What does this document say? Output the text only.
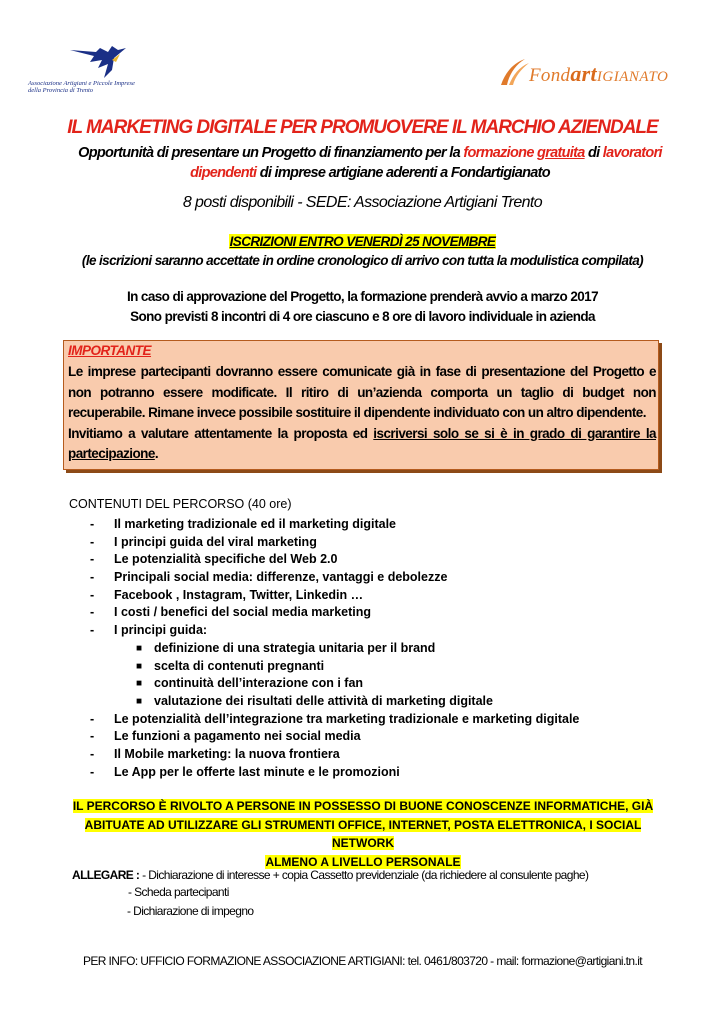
Associazione Artigiani e Piccole Imprese
della Provincia di Trento
FondartIGIANATO
IL MARKETING DIGITALE PER PROMUOVERE IL MARCHIO AZIENDALE
Opportunità di presentare un Progetto di finanziamento per la formazione gratuita di lavoratori dipendenti di imprese artigiane aderenti a Fondartigianato
8 posti disponibili - SEDE: Associazione Artigiani Trento
ISCRIZIONI ENTRO VENERDÌ 25 NOVEMBRE
(le iscrizioni saranno accettate in ordine cronologico di arrivo con tutta la modulistica compilata)
In caso di approvazione del Progetto, la formazione prenderà avvio a marzo 2017
Sono previsti 8 incontri di 4 ore ciascuno e 8 ore di lavoro individuale in azienda
IMPORTANTE
Le imprese partecipanti dovranno essere comunicate già in fase di presentazione del Progetto e non potranno essere modificate. Il ritiro di un’azienda comporta un taglio di budget non recuperabile. Rimane invece possibile sostituire il dipendente individuato con un altro dipendente.
Invitiamo a valutare attentamente la proposta ed iscriversi solo se si è in grado di garantire la partecipazione.
CONTENUTI DEL PERCORSO (40 ore)
- Il marketing tradizionale ed il marketing digitale
- I principi guida del viral marketing
- Le potenzialità specifiche del Web 2.0
- Principali social media: differenze, vantaggi e debolezze
- Facebook , Instagram, Twitter, Linkedin …
- I costi / benefici del social media marketing
- I principi guida:
■ definizione di una strategia unitaria per il brand
■ scelta di contenuti pregnanti
■ continuità dell’interazione con i fan
■ valutazione dei risultati delle attività di marketing digitale
- Le potenzialità dell’integrazione tra marketing tradizionale e marketing digitale
- Le funzioni a pagamento nei social media
- Il Mobile marketing: la nuova frontiera
- Le App per le offerte last minute e le promozioni
IL PERCORSO È RIVOLTO A PERSONE IN POSSESSO DI BUONE CONOSCENZE INFORMATICHE, GIÀ
ABITUATE AD UTILIZZARE GLI STRUMENTI OFFICE, INTERNET, POSTA ELETTRONICA, I SOCIAL NETWORK
ALMENO A LIVELLO PERSONALE
ALLEGARE : - Dichiarazione di interesse + copia Cassetto previdenziale (da richiedere al consulente paghe)
- Scheda partecipanti
- Dichiarazione di impegno
PER INFO: UFFICIO FORMAZIONE ASSOCIAZIONE ARTIGIANI: tel. 0461/803720 - mail: formazione@artigiani.tn.it
